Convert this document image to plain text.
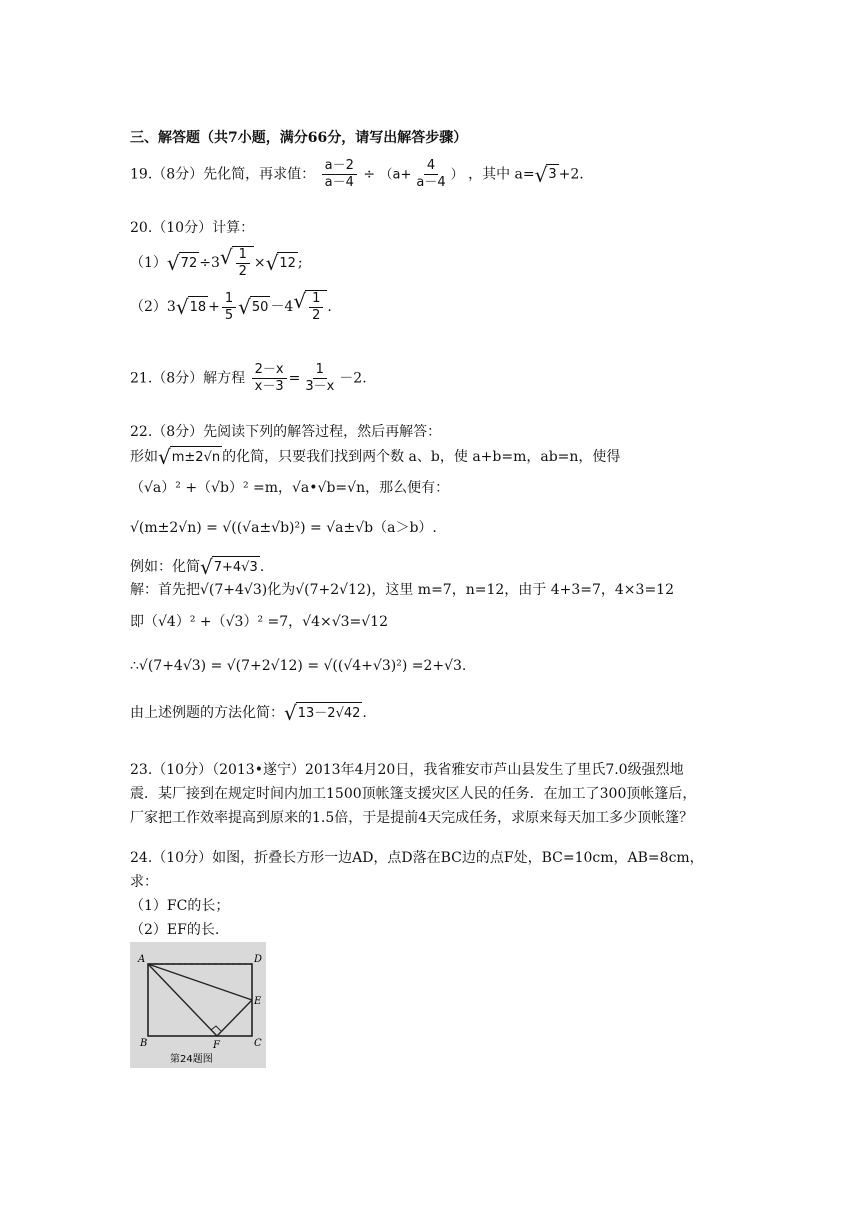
三、解答题（共7小题，满分66分，请写出解答步骤）
19.（8分）先化简，再求值： $\frac{a-2}{a-4} \div (a+ \frac{4}{a-4}$ ） ，其中 a= √ 3 +2.
20.（10分）计算：
（1） √ 72 ÷3 √ $\frac{1}{2}$ × √ 12 ;
（2）3 √ $18 + \frac{1}{5}$ √ 50 －4 √ $\frac{1}{2}$ .
21.（8分）解方程 $\frac{2-x}{x-3} = \frac{1}{3-x} -2$.
22.（8分）先阅读下列的解答过程，然后再解答：
形如 √ m±2√n 的化简，只要我们找到两个数 a、b，使 a+b=m，ab=n，使得
（√a）² +（√b）² =m，√a•√b=√n，那么便有：
√(m±2√n) = √((√a±√b)²) = √a±√b（a＞b）.
例如：化简 √ 7+4√3 .
解：首先把√(7+4√3)化为√(7+2√12)，这里 m=7，n=12，由于 4+3=7，4×3=12
即（√4）² +（√3）² =7，√4×√3=√12
∴√(7+4√3) = √(7+2√12) = √((√4+√3)²) =2+√3.
由上述例题的方法化简： √ 13－2√42 .
23.（10分）（2013•遂宁）2013年4月20日，我省雅安市芦山县发生了里氏7.0级强烈地
震．某厂接到在规定时间内加工1500顶帐篷支援灾区人民的任务．在加工了300顶帐篷后，
厂家把工作效率提高到原来的1.5倍，于是提前4天完成任务，求原来每天加工多少顶帐篷？
24.（10分）如图，折叠长方形一边AD，点D落在BC边的点F处，BC=10cm，AB=8cm，
求：
（1）FC的长；
（2）EF的长.
A	D
E
B	C
F
第24题图
